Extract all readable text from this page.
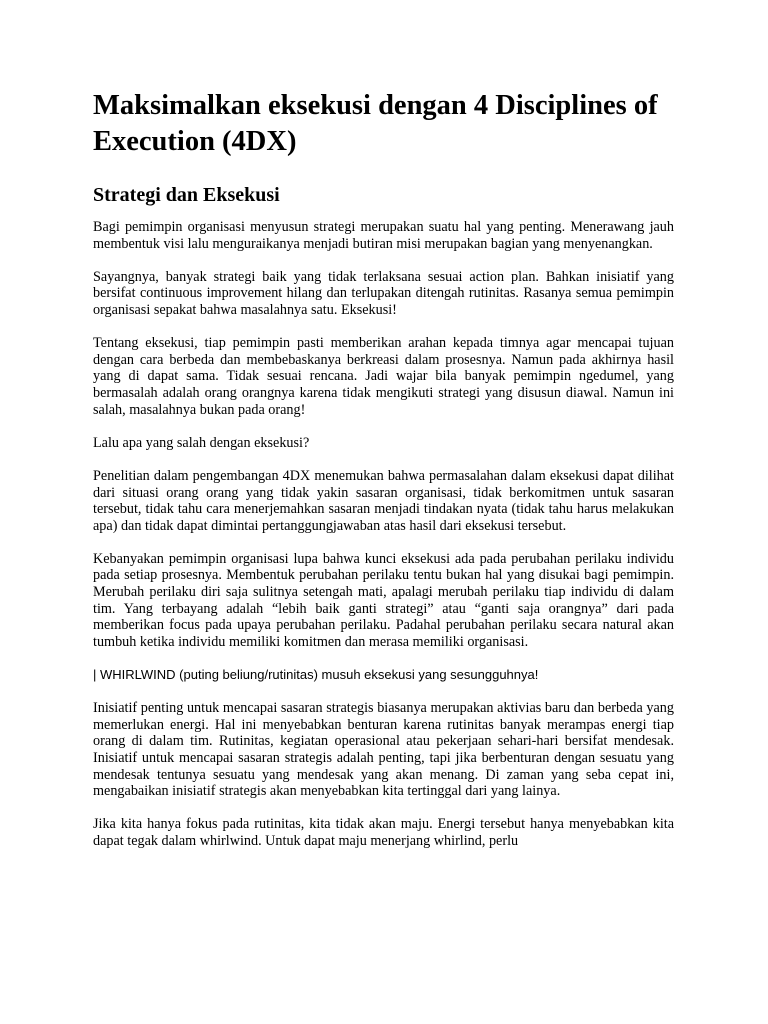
Maksimalkan eksekusi dengan 4 Disciplines of Execution (4DX)
Strategi dan Eksekusi

Bagi pemimpin organisasi menyusun strategi merupakan suatu hal yang penting. Menerawang jauh membentuk visi lalu menguraikanya menjadi butiran misi merupakan bagian yang menyenangkan.

Sayangnya, banyak strategi baik yang tidak terlaksana sesuai action plan. Bahkan inisiatif yang bersifat continuous improvement hilang dan terlupakan ditengah rutinitas. Rasanya semua pemimpin organisasi sepakat bahwa masalahnya satu. Eksekusi!

Tentang eksekusi, tiap pemimpin pasti memberikan arahan kepada timnya agar mencapai tujuan dengan cara berbeda dan membebaskanya berkreasi dalam prosesnya. Namun pada akhirnya hasil yang di dapat sama. Tidak sesuai rencana. Jadi wajar bila banyak pemimpin ngedumel, yang bermasalah adalah orang orangnya karena tidak mengikuti strategi yang disusun diawal. Namun ini salah, masalahnya bukan pada orang!

Lalu apa yang salah dengan eksekusi?

Penelitian dalam pengembangan 4DX menemukan bahwa permasalahan dalam eksekusi dapat dilihat dari situasi orang orang yang tidak yakin sasaran organisasi, tidak berkomitmen untuk sasaran tersebut, tidak tahu cara menerjemahkan sasaran menjadi tindakan nyata (tidak tahu harus melakukan apa) dan tidak dapat dimintai pertanggungjawaban atas hasil dari eksekusi tersebut.

Kebanyakan pemimpin organisasi lupa bahwa kunci eksekusi ada pada perubahan perilaku individu pada setiap prosesnya. Membentuk perubahan perilaku tentu bukan hal yang disukai bagi pemimpin. Merubah perilaku diri saja sulitnya setengah mati, apalagi merubah perilaku tiap individu di dalam tim. Yang terbayang adalah “lebih baik ganti strategi” atau “ganti saja orangnya” dari pada memberikan focus pada upaya perubahan perilaku. Padahal perubahan perilaku secara natural akan tumbuh ketika individu memiliki komitmen dan merasa memiliki organisasi.

| WHIRLWIND (puting beliung/rutinitas) musuh eksekusi yang sesungguhnya!

Inisiatif penting untuk mencapai sasaran strategis biasanya merupakan aktivias baru dan berbeda yang memerlukan energi. Hal ini menyebabkan benturan karena rutinitas banyak merampas energi tiap orang di dalam tim. Rutinitas, kegiatan operasional atau pekerjaan sehari-hari bersifat mendesak. Inisiatif untuk mencapai sasaran strategis adalah penting, tapi jika berbenturan dengan sesuatu yang mendesak tentunya sesuatu yang mendesak yang akan menang. Di zaman yang seba cepat ini, mengabaikan inisiatif strategis akan menyebabkan kita tertinggal dari yang lainya.

Jika kita hanya fokus pada rutinitas, kita tidak akan maju. Energi tersebut hanya menyebabkan kita dapat tegak dalam whirlwind. Untuk dapat maju menerjang whirlind, perlu
